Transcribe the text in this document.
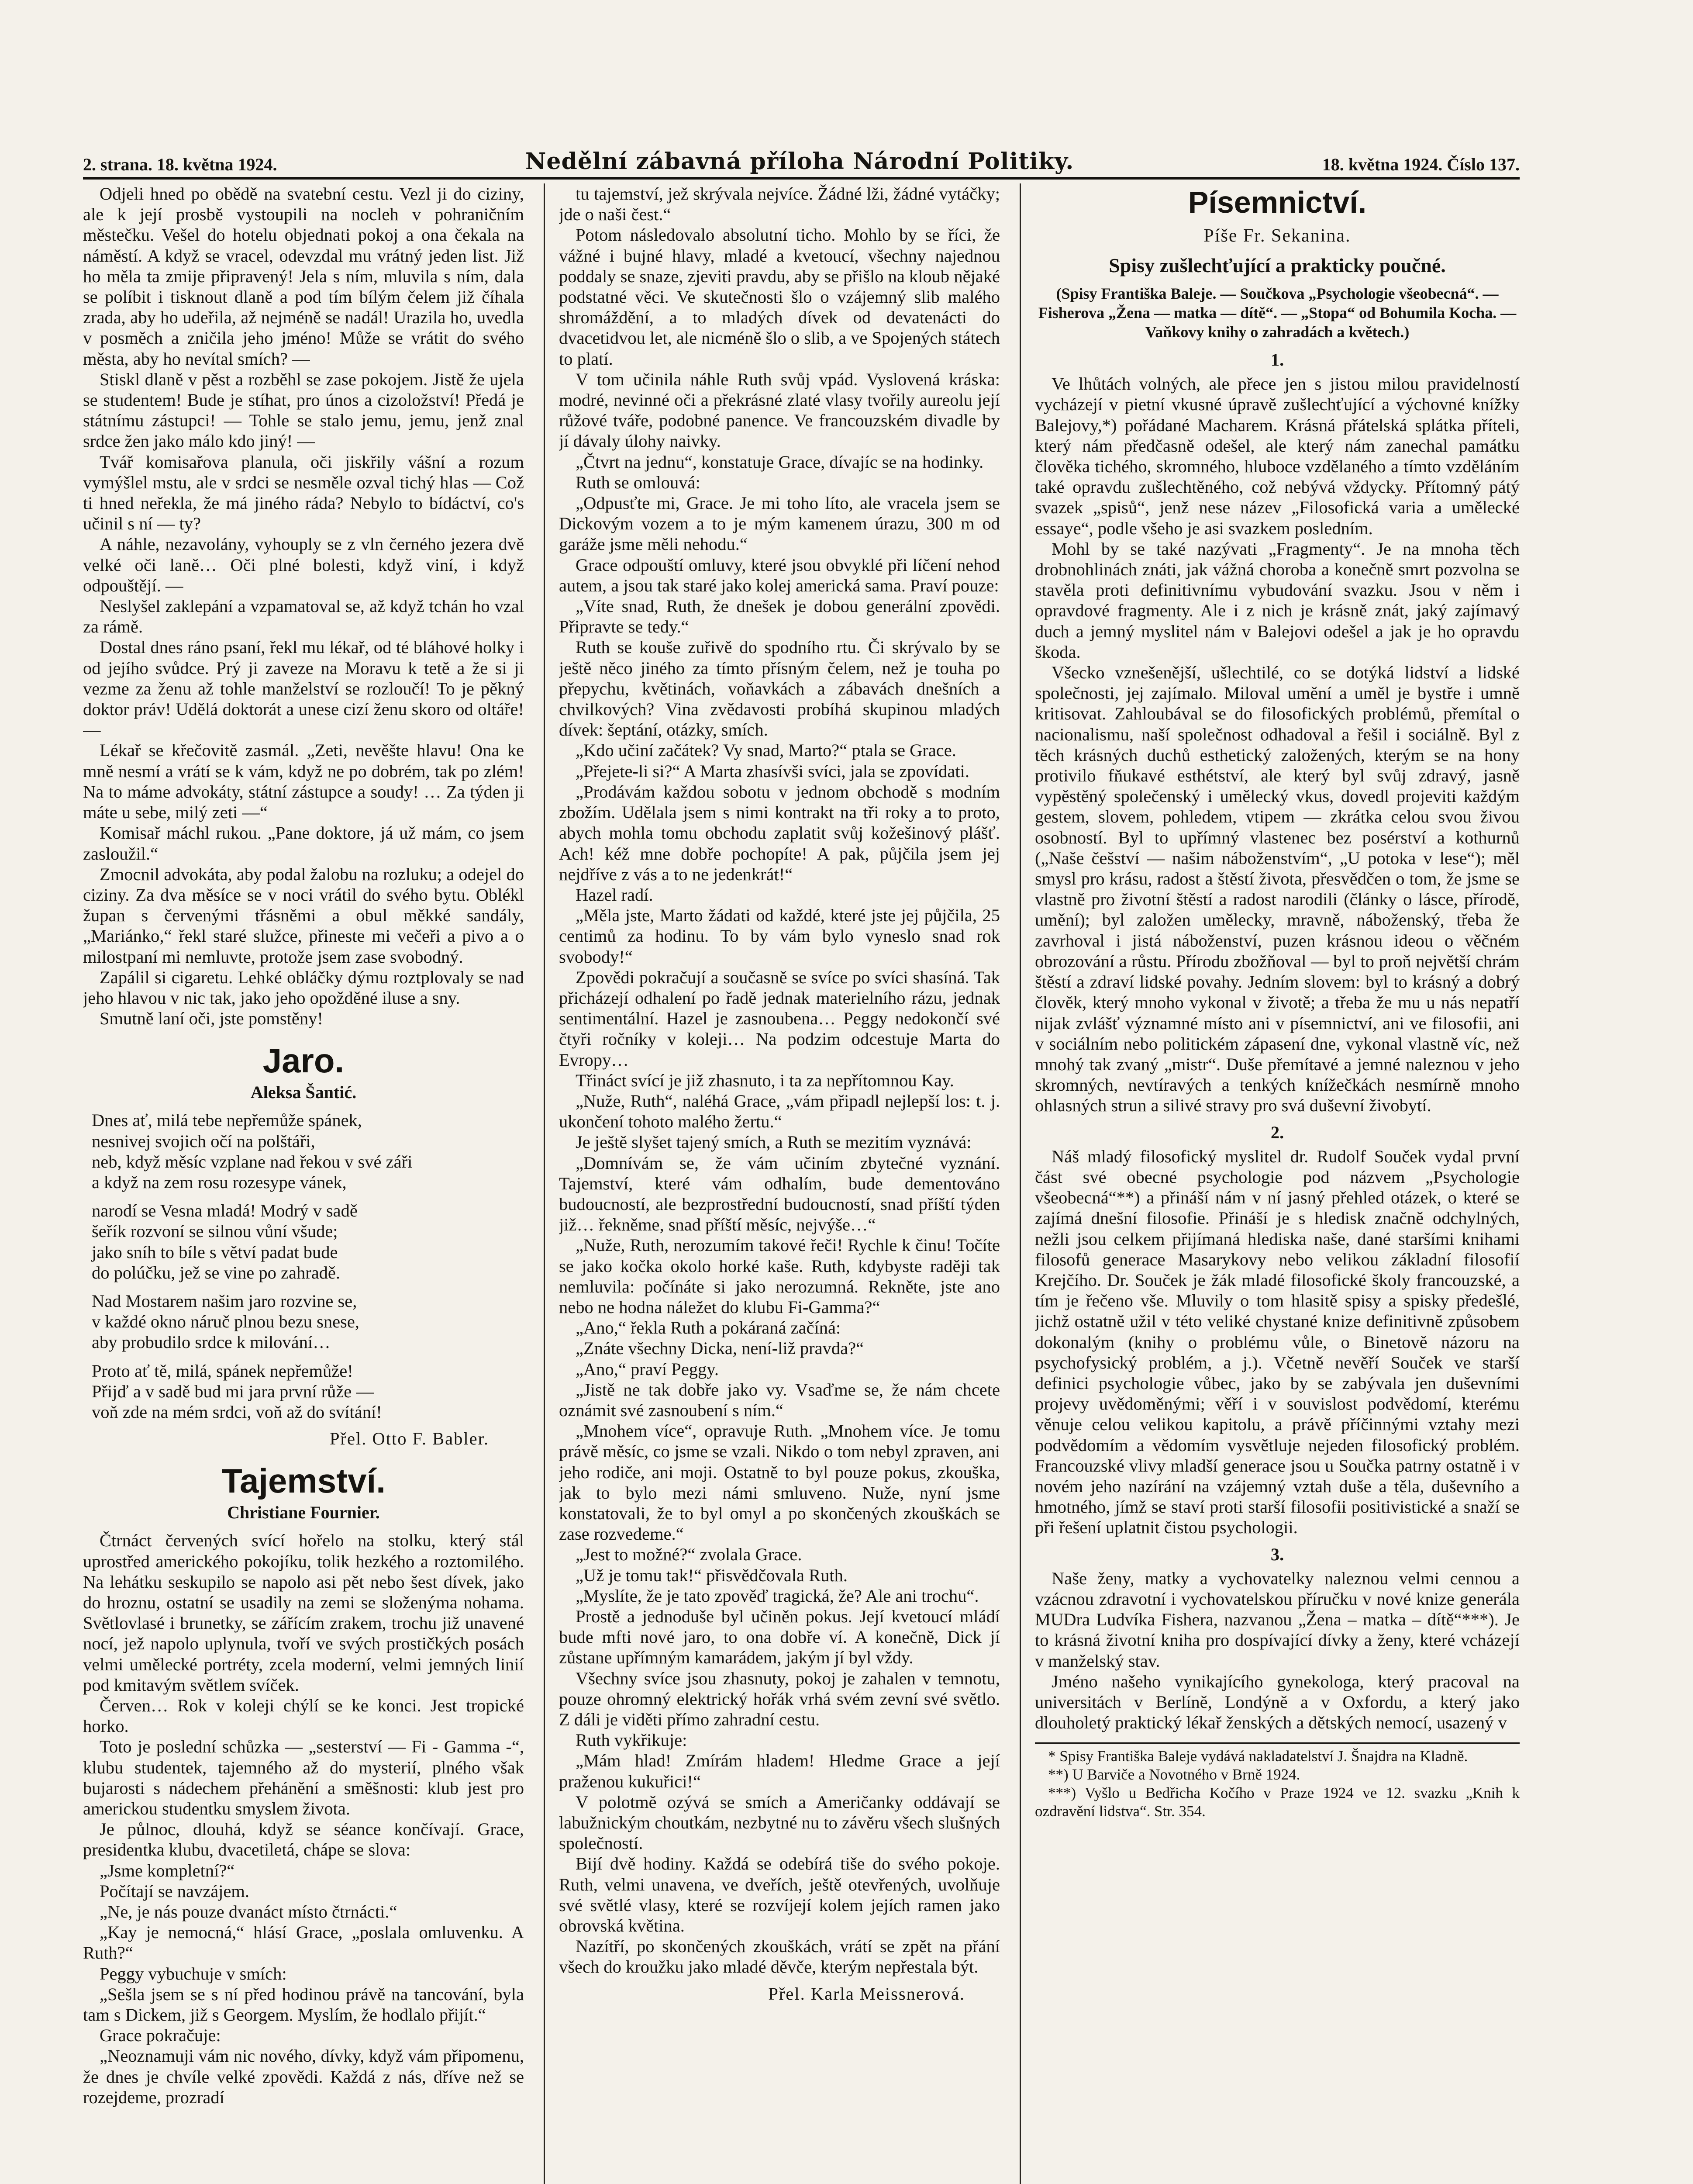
2. strana. 18. května 1924.	Nedělní zábavná příloha Národní Politiky.	18. května 1924. Číslo 137.

Odjeli hned po obědě na svatební cestu. Vezl ji do ciziny, ale k její prosbě vystoupili na nocleh v pohraničním městečku. Vešel do hotelu objednati pokoj a ona čekala na náměstí. A když se vracel, odevzdal mu vrátný jeden list. Již ho měla ta zmije připravený! Jela s ním, mluvila s ním, dala se políbit i tisknout dlaně a pod tím bílým čelem již číhala zrada, aby ho udeřila, až nejméně se nadál! Urazila ho, uvedla v posměch a zničila jeho jméno! Může se vrátit do svého města, aby ho nevítal smích? —

Stiskl dlaně v pěst a rozběhl se zase pokojem. Jistě že ujela se studentem! Bude je stíhat, pro únos a cizoložství! Předá je státnímu zástupci! — Tohle se stalo jemu, jemu, jenž znal srdce žen jako málo kdo jiný! —

Tvář komisařova planula, oči jiskřily vášní a rozum vymýšlel mstu, ale v srdci se nesměle ozval tichý hlas — Což ti hned neřekla, že má jiného ráda? Nebylo to bídáctví, co's učinil s ní — ty?

A náhle, nezavolány, vyhouply se z vln černého jezera dvě velké oči laně… Oči plné bolesti, když viní, i když odpouštějí. —

Neslyšel zaklepání a vzpamatoval se, až když tchán ho vzal za rámě.

Dostal dnes ráno psaní, řekl mu lékař, od té bláhové holky i od jejího svůdce. Prý ji zaveze na Moravu k tetě a že si ji vezme za ženu až tohle manželství se rozloučí! To je pěkný doktor práv! Udělá doktorát a unese cizí ženu skoro od oltáře! —

Lékař se křečovitě zasmál. „Zeti, nevěšte hlavu! Ona ke mně nesmí a vrátí se k vám, když ne po dobrém, tak po zlém! Na to máme advokáty, státní zástupce a soudy! … Za týden ji máte u sebe, milý zeti —“

Komisař máchl rukou. „Pane doktore, já už mám, co jsem zasloužil.“

Zmocnil advokáta, aby podal žalobu na rozluku; a odejel do ciziny. Za dva měsíce se v noci vrátil do svého bytu. Oblékl župan s červenými třásněmi a obul měkké sandály, „Mariánko,“ řekl staré služce, přineste mi večeři a pivo a o milostpaní mi nemluvte, protože jsem zase svobodný.

Zapálil si cigaretu. Lehké obláčky dýmu roztplovaly se nad jeho hlavou v nic tak, jako jeho opožděné iluse a sny.

Smutně laní oči, jste pomstěny!

Jaro.
Aleksa Šantić.
Dnes ať, milá tebe nepřemůže spánek,
nesnivej svojich očí na polštáři,
neb, když měsíc vzplane nad řekou v své záři
a když na zem rosu rozesype vánek,
narodí se Vesna mladá! Modrý v sadě
šeřík rozvoní se silnou vůní všude;
jako sníh to bíle s větví padat bude
do polúčku, jež se vine po zahradě.
Nad Mostarem našim jaro rozvine se,
v každé okno náruč plnou bezu snese,
aby probudilo srdce k milování…
Proto ať tě, milá, spánek nepřemůže!
Přijď a v sadě bud mi jara první růže —
voň zde na mém srdci, voň až do svítání!
Přel. Otto F. Babler.
Tajemství.
Christiane Fournier.

Čtrnáct červených svící hořelo na stolku, který stál uprostřed amerického pokojíku, tolik hezkého a roztomilého. Na lehátku seskupilo se napolo asi pět nebo šest dívek, jako do hroznu, ostatní se usadily na zemi se složenýma nohama. Světlovlasé i brunetky, se zářícím zrakem, trochu již unavené nocí, jež napolo uplynula, tvoří ve svých prostičkých posách velmi umělecké portréty, zcela moderní, velmi jemných linií pod kmitavým světlem svíček.

Červen… Rok v koleji chýlí se ke konci. Jest tropické horko.

Toto je poslední schůzka — „sesterství — Fi - Gamma -“, klubu studentek, tajemného až do mysterií, plného však bujarosti s nádechem přehánění a směšnosti: klub jest pro americkou studentku smyslem života.

Je půlnoc, dlouhá, když se séance končívají. Grace, presidentka klubu, dvacetiletá, chápe se slova:

„Jsme kompletní?“

Počítají se navzájem.

„Ne, je nás pouze dvanáct místo čtrnácti.“

„Kay je nemocná,“ hlásí Grace, „poslala omluvenku. A Ruth?“

Peggy vybuchuje v smích:

„Sešla jsem se s ní před hodinou právě na tancování, byla tam s Dickem, již s Georgem. Myslím, že hodlalo přijít.“

Grace pokračuje:

„Neoznamuji vám nic nového, dívky, když vám připomenu, že dnes je chvíle velké zpovědi. Každá z nás, dříve než se rozejdeme, prozradí

tu tajemství, jež skrývala nejvíce. Žádné lži, žádné vytáčky; jde o naši čest.“

Potom následovalo absolutní ticho. Mohlo by se říci, že vážné i bujné hlavy, mladé a kvetoucí, všechny najednou poddaly se snaze, zjeviti pravdu, aby se přišlo na kloub nějaké podstatné věci. Ve skutečnosti šlo o vzájemný slib malého shromáždění, a to mladých dívek od devatenácti do dvacetidvou let, ale nicméně šlo o slib, a ve Spojených státech to platí.

V tom učinila náhle Ruth svůj vpád. Vyslovená kráska: modré, nevinné oči a překrásné zlaté vlasy tvořily aureolu její růžové tváře, podobné panence. Ve francouzském divadle by jí dávaly úlohy naivky.

„Čtvrt na jednu“, konstatuje Grace, dívajíc se na hodinky.

Ruth se omlouvá:

„Odpusťte mi, Grace. Je mi toho líto, ale vracela jsem se Dickovým vozem a to je mým kamenem úrazu, 300 m od garáže jsme měli nehodu.“

Grace odpouští omluvy, které jsou obvyklé při líčení nehod autem, a jsou tak staré jako kolej americká sama. Praví pouze:

„Víte snad, Ruth, že dnešek je dobou generální zpovědi. Připravte se tedy.“

Ruth se kouše zuřivě do spodního rtu. Či skrývalo by se ještě něco jiného za tímto přísným čelem, než je touha po přepychu, květinách, voňavkách a zábavách dnešních a chvilkových? Vina zvědavosti probíhá skupinou mladých dívek: šeptání, otázky, smích.

„Kdo učiní začátek? Vy snad, Marto?“ ptala se Grace.

„Přejete-li si?“ A Marta zhasívši svíci, jala se zpovídati.

„Prodávám každou sobotu v jednom obchodě s modním zbožím. Udělala jsem s nimi kontrakt na tři roky a to proto, abych mohla tomu obchodu zaplatit svůj kožešinový plášť. Ach! kéž mne dobře pochopíte! A pak, půjčila jsem jej nejdříve z vás a to ne jedenkrát!“

Hazel radí.

„Měla jste, Marto žádati od každé, které jste jej půjčila, 25 centimů za hodinu. To by vám bylo vyneslo snad rok svobody!“

Zpovědi pokračují a současně se svíce po svíci shasíná. Tak přicházejí odhalení po řadě jednak materielního rázu, jednak sentimentální. Hazel je zasnoubena… Peggy nedokončí své čtyři ročníky v koleji… Na podzim odcestuje Marta do Evropy…

Třináct svící je již zhasnuto, i ta za nepřítomnou Kay.

„Nuže, Ruth“, naléhá Grace, „vám připadl nejlepší los: t. j. ukončení tohoto malého žertu.“

Je ještě slyšet tajený smích, a Ruth se mezitím vyznává:

„Domnívám se, že vám učiním zbytečné vyznání. Tajemství, které vám odhalím, bude dementováno budoucností, ale bezprostřední budoucností, snad příští týden již… řekněme, snad příští měsíc, nejvýše…“

„Nuže, Ruth, nerozumím takové řeči! Rychle k činu! Točíte se jako kočka okolo horké kaše. Ruth, kdybyste raději tak nemluvila: počínáte si jako nerozumná. Rekněte, jste ano nebo ne hodna náležet do klubu Fi-Gamma?“

„Ano,“ řekla Ruth a pokáraná začíná:

„Znáte všechny Dicka, není-liž pravda?“

„Ano,“ praví Peggy.

„Jistě ne tak dobře jako vy. Vsaďme se, že nám chcete oznámit své zasnoubení s ním.“

„Mnohem více“, opravuje Ruth. „Mnohem více. Je tomu právě měsíc, co jsme se vzali. Nikdo o tom nebyl zpraven, ani jeho rodiče, ani moji. Ostatně to byl pouze pokus, zkouška, jak to bylo mezi námi smluveno. Nuže, nyní jsme konstatovali, že to byl omyl a po skončených zkouškách se zase rozvedeme.“

„Jest to možné?“ zvolala Grace.

„Už je tomu tak!“ přisvědčovala Ruth.

„Myslíte, že je tato zpověď tragická, že? Ale ani trochu“.

Prostě a jednoduše byl učiněn pokus. Její kvetoucí mládí bude mfti nové jaro, to ona dobře ví. A konečně, Dick jí zůstane upřímným kamarádem, jakým jí byl vždy.

Všechny svíce jsou zhasnuty, pokoj je zahalen v temnotu, pouze ohromný elektrický hořák vrhá svém zevní své světlo. Z dáli je viděti přímo zahradní cestu.

Ruth vykřikuje:

„Mám hlad! Zmírám hladem! Hledme Grace a její praženou kukuřici!“

V polotmě ozývá se smích a Američanky oddávají se labužnickým choutkám, nezbytné nu to závěru všech slušných společností.

Bijí dvě hodiny. Každá se odebírá tiše do svého pokoje. Ruth, velmi unavena, ve dveřích, ještě otevřených, uvolňuje své světlé vlasy, které se rozvíjejí kolem jejích ramen jako obrovská květina.

Nazítří, po skončených zkouškách, vrátí se zpět na přání všech do kroužku jako mladé děvče, kterým nepřestala být.

Přel. Karla Meissnerová.
Písemnictví.
Píše Fr. Sekanina.
Spisy zušlechťující a prakticky poučné.
(Spisy Františka Baleje. — Součkova „Psychologie všeobecná“. — Fisherova „Žena — matka — dítě“. — „Stopa“ od Bohumila Kocha. — Vaňkovy knihy o zahradách a květech.)
1.

Ve lhůtách volných, ale přece jen s jistou milou pravidelností vycházejí v pietní vkusné úpravě zušlechťující a výchovné knížky Balejovy,*) pořádané Macharem. Krásná přátelská splátka příteli, který nám předčasně odešel, ale který nám zanechal památku člověka tichého, skromného, hluboce vzdělaného a tímto vzděláním také opravdu zušlechtěného, což nebývá vždycky. Přítomný pátý svazek „spisů“, jenž nese název „Filosofická varia a umělecké essaye“, podle všeho je asi svazkem posledním.

Mohl by se také nazývati „Fragmenty“. Je na mnoha těch drobnohlinách znáti, jak vážná choroba a konečně smrt pozvolna se stavěla proti definitivnímu vybudování svazku. Jsou v něm i opravdové fragmenty. Ale i z nich je krásně znát, jaký zajímavý duch a jemný myslitel nám v Balejovi odešel a jak je ho opravdu škoda.

Všecko vznešenější, ušlechtilé, co se dotýká lidství a lidské společnosti, jej zajímalo. Miloval umění a uměl je bystře i umně kritisovat. Zahloubával se do filosofických problémů, přemítal o nacionalismu, naší společnost odhadoval a řešil i sociálně. Byl z těch krásných duchů esthetický založených, kterým se na hony protivilo fňukavé esthétství, ale který byl svůj zdravý, jasně vypěstěný společenský i umělecký vkus, dovedl projeviti každým gestem, slovem, pohledem, vtipem — zkrátka celou svou živou osobností. Byl to upřímný vlastenec bez posérství a kothurnů („Naše češství — našim náboženstvím“, „U potoka v lese“); měl smysl pro krásu, radost a štěstí života, přesvědčen o tom, že jsme se vlastně pro životní štěstí a radost narodili (články o lásce, přírodě, umění); byl založen umělecky, mravně, náboženský, třeba že zavrhoval i jistá náboženství, puzen krásnou ideou o věčném obrozování a růstu. Přírodu zbožňoval — byl to proň největší chrám štěstí a zdraví lidské povahy. Jedním slovem: byl to krásný a dobrý člověk, který mnoho vykonal v životě; a třeba že mu u nás nepatří nijak zvlášť významné místo ani v písemnictví, ani ve filosofii, ani v sociálním nebo politickém zápasení dne, vykonal vlastně víc, než mnohý tak zvaný „mistr“. Duše přemítavé a jemné naleznou v jeho skromných, nevtíravých a tenkých knížečkách nesmírně mnoho ohlasných strun a silivé stravy pro svá duševní živobytí.

2.

Náš mladý filosofický myslitel dr. Rudolf Souček vydal první část své obecné psychologie pod názvem „Psychologie všeobecná“**) a přináší nám v ní jasný přehled otázek, o které se zajímá dnešní filosofie. Přináší je s hledisk značně odchylných, nežli jsou celkem přijímaná hlediska naše, dané staršími knihami filosofů generace Masarykovy nebo velikou základní filosofií Krejčího. Dr. Souček je žák mladé filosofické školy francouzské, a tím je řečeno vše. Mluvily o tom hlasitě spisy a spisky předešlé, jichž ostatně užil v této veliké chystané knize definitivně způsobem dokonalým (knihy o problému vůle, o Binetově názoru na psychofysický problém, a j.). Včetně nevěří Souček ve starší definici psychologie vůbec, jako by se zabývala jen duševními projevy uvědoměnými; věří i v souvislost podvědomí, kterému věnuje celou velikou kapitolu, a právě příčinnými vztahy mezi podvědomím a vědomím vysvětluje nejeden filosofický problém. Francouzské vlivy mladší generace jsou u Součka patrny ostatně i v novém jeho nazírání na vzájemný vztah duše a těla, duševního a hmotného, jímž se staví proti starší filosofii positivistické a snaží se při řešení uplatnit čistou psychologii.

3.

Naše ženy, matky a vychovatelky naleznou velmi cennou a vzácnou zdravotní i vychovatelskou příručku v nové knize generála MUDra Ludvíka Fishera, nazvanou „Žena – matka – dítě“***). Je to krásná životní kniha pro dospívající dívky a ženy, které vcházejí v manželský stav.

Jméno našeho vynikajícího gynekologa, který pracoval na universitách v Berlíně, Londýně a v Oxfordu, a který jako dlouholetý praktický lékař ženských a dětských nemocí, usazený v

* Spisy Františka Baleje vydává nakladatelství J. Šnajdra na Kladně.
**) U Barviče a Novotného v Brně 1924.
***) Vyšlo u Bedřicha Kočího v Praze 1924 ve 12. svazku „Knih k ozdravění lidstva“. Str. 354.
